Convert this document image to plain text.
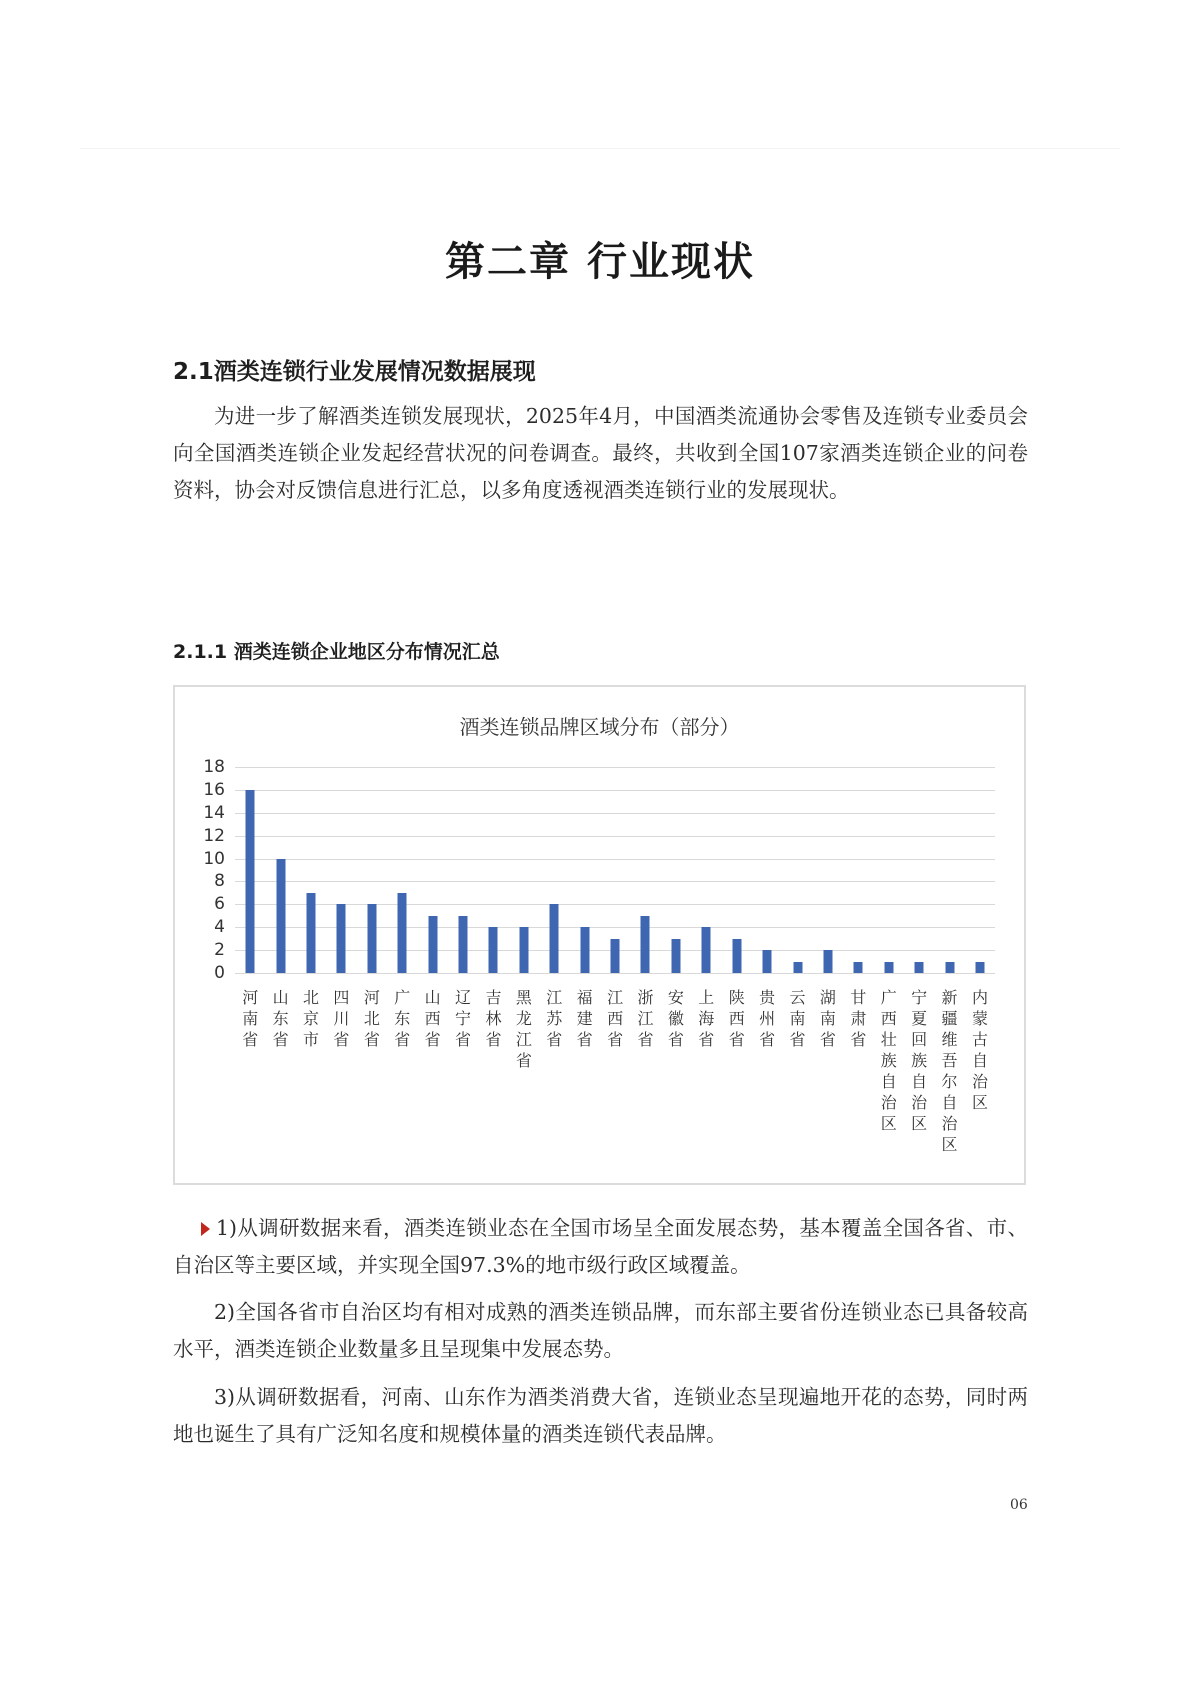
第二章 行业现状
2.1酒类连锁行业发展情况数据展现
为进一步了解酒类连锁发展现状，2025年4月，中国酒类流通协会零售及连锁专业委员会向全国酒类连锁企业发起经营状况的问卷调查。最终，共收到全国107家酒类连锁企业的问卷资料，协会对反馈信息进行汇总，以多角度透视酒类连锁行业的发展现状。
2.1.1 酒类连锁企业地区分布情况汇总
酒类连锁品牌区域分布（部分）
0
2
4
6
8
10
12
14
16
18
河
南
省
山
东
省
北
京
市
四
川
省
河
北
省
广
东
省
山
西
省
辽
宁
省
吉
林
省
黑
龙
江
省
江
苏
省
福
建
省
江
西
省
浙
江
省
安
徽
省
上
海
省
陕
西
省
贵
州
省
云
南
省
湖
南
省
甘
肃
省
广
西
壮
族
自
治
区
宁
夏
回
族
自
治
区
新
疆
维
吾
尔
自
治
区
内
蒙
古
自
治
区
1)从调研数据来看，酒类连锁业态在全国市场呈全面发展态势，基本覆盖全国各省、市、自治区等主要区域，并实现全国97.3%的地市级行政区域覆盖。
2)全国各省市自治区均有相对成熟的酒类连锁品牌，而东部主要省份连锁业态已具备较高水平，酒类连锁企业数量多且呈现集中发展态势。
3)从调研数据看，河南、山东作为酒类消费大省，连锁业态呈现遍地开花的态势，同时两地也诞生了具有广泛知名度和规模体量的酒类连锁代表品牌。
06
